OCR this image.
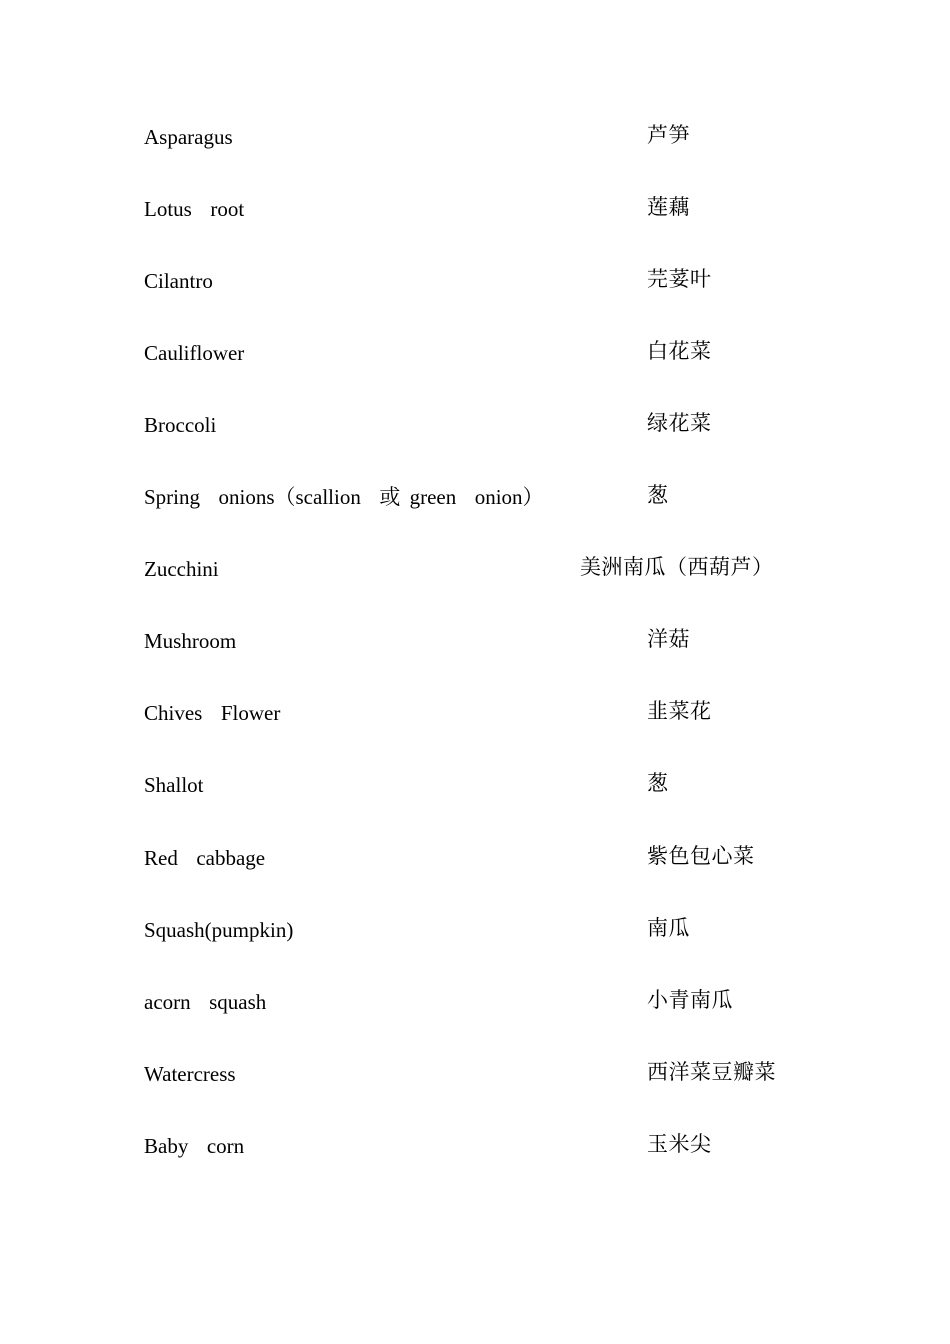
Asparagus	芦笋
Lotus  root	莲藕
Cilantro	芫荽叶
Cauliflower	白花菜
Broccoli	绿花菜
Spring  onions（scallion  或 green  onion）	葱
Zucchini	美洲南瓜（西葫芦）
Mushroom	洋菇
Chives  Flower	韭菜花
Shallot	葱
Red  cabbage	紫色包心菜
Squash(pumpkin)	南瓜
acorn  squash	小青南瓜
Watercress	西洋菜豆瓣菜
Baby  corn	玉米尖
